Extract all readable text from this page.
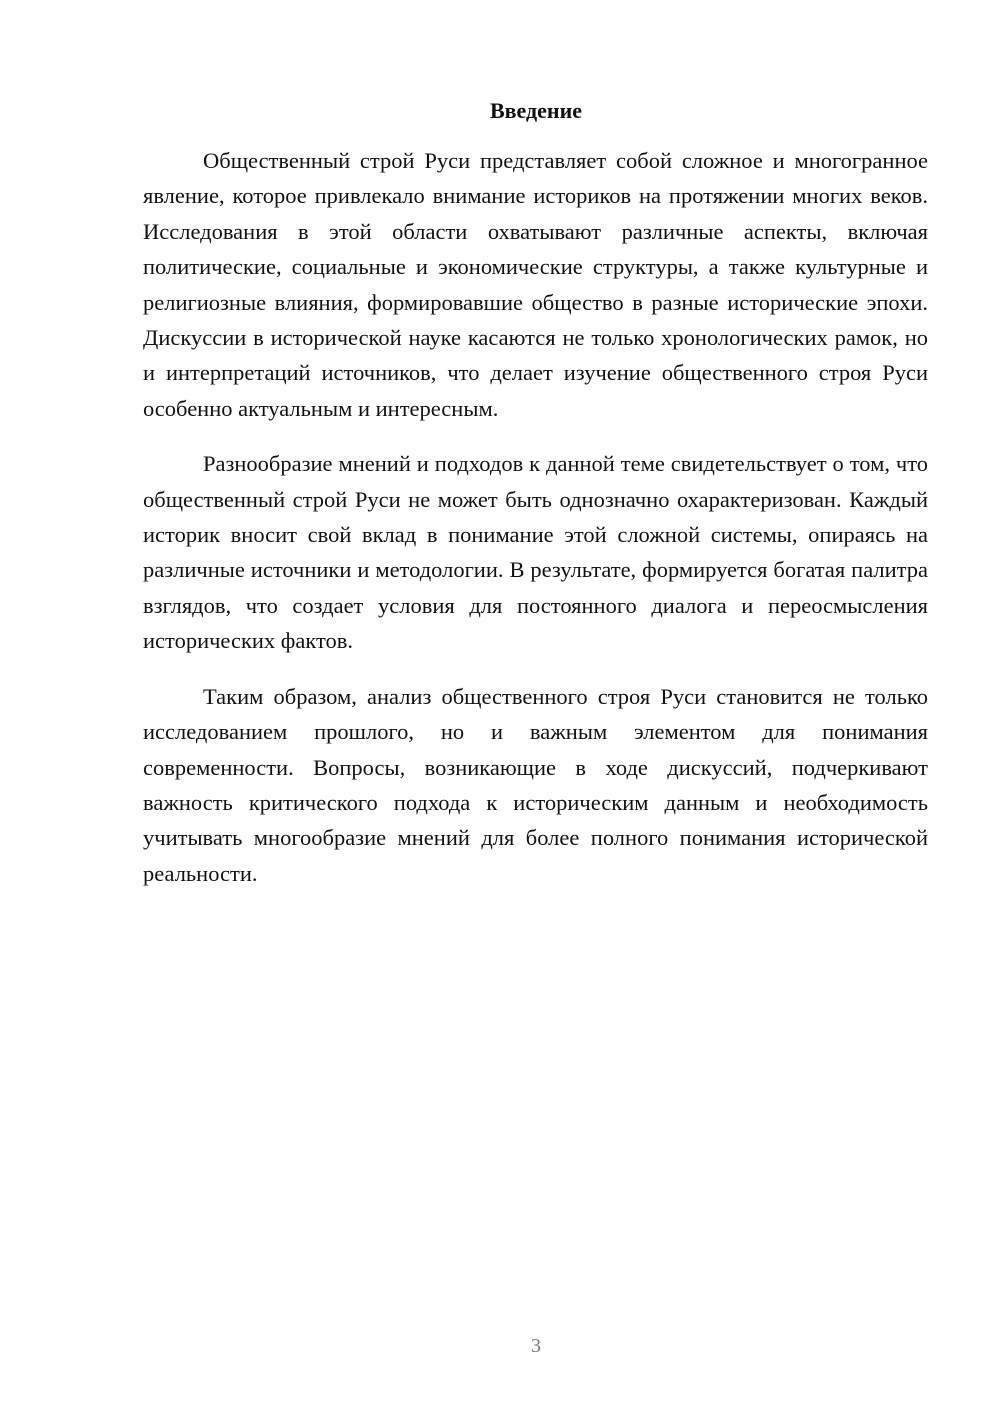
Введение

Общественный строй Руси представляет собой сложное и многогранное явление, которое привлекало внимание историков на протяжении многих веков. Исследования в этой области охватывают различные аспекты, включая политические, социальные и экономические структуры, а также культурные и религиозные влияния, формировавшие общество в разные исторические эпохи. Дискуссии в исторической науке касаются не только хронологических рамок, но и интерпретаций источников, что делает изучение общественного строя Руси особенно актуальным и интересным.

Разнообразие мнений и подходов к данной теме свидетельствует о том, что общественный строй Руси не может быть однозначно охарактеризован. Каждый историк вносит свой вклад в понимание этой сложной системы, опираясь на различные источники и методологии. В результате, формируется богатая палитра взглядов, что создает условия для постоянного диалога и переосмысления исторических фактов.

Таким образом, анализ общественного строя Руси становится не только исследованием прошлого, но и важным элементом для понимания современности. Вопросы, возникающие в ходе дискуссий, подчеркивают важность критического подхода к историческим данным и необходимость учитывать многообразие мнений для более полного понимания исторической реальности.

3
